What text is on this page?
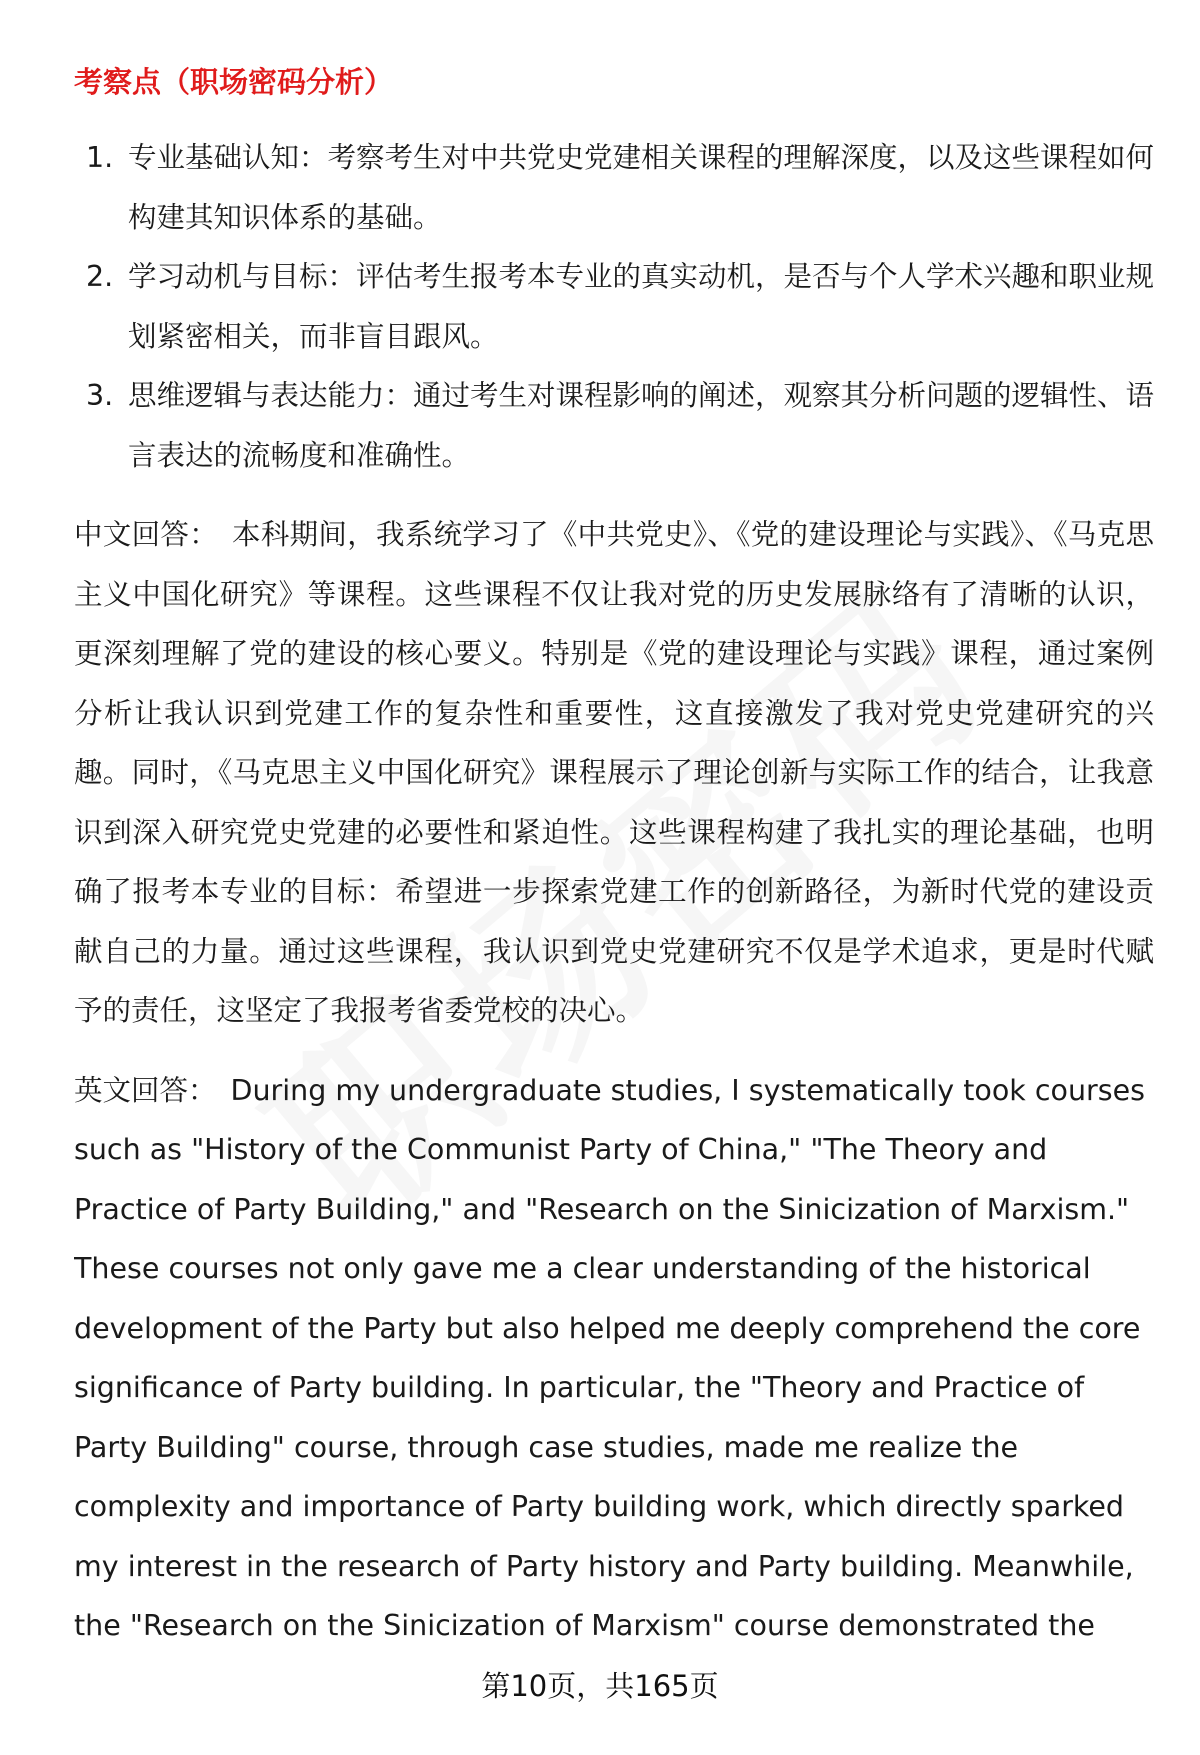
考察点（职场密码分析）
1. 专业基础认知：考察考生对中共党史党建相关课程的理解深度，以及这些课程如何构建其知识体系的基础。
2. 学习动机与目标：评估考生报考本专业的真实动机，是否与个人学术兴趣和职业规划紧密相关，而非盲目跟风。
3. 思维逻辑与表达能力：通过考生对课程影响的阐述，观察其分析问题的逻辑性、语言表达的流畅度和准确性。

中文回答： 本科期间，我系统学习了《中共党史》、《党的建设理论与实践》、《马克思主义中国化研究》等课程。这些课程不仅让我对党的历史发展脉络有了清晰的认识，更深刻理解了党的建设的核心要义。特别是《党的建设理论与实践》课程，通过案例分析让我认识到党建工作的复杂性和重要性，这直接激发了我对党史党建研究的兴趣。同时，《马克思主义中国化研究》课程展示了理论创新与实际工作的结合，让我意识到深入研究党史党建的必要性和紧迫性。这些课程构建了我扎实的理论基础，也明确了报考本专业的目标：希望进一步探索党建工作的创新路径，为新时代党的建设贡献自己的力量。通过这些课程，我认识到党史党建研究不仅是学术追求，更是时代赋予的责任，这坚定了我报考省委党校的决心。

英文回答： During my undergraduate studies, I systematically took courses such as "History of the Communist Party of China," "The Theory and Practice of Party Building," and "Research on the Sinicization of Marxism." These courses not only gave me a clear understanding of the historical development of the Party but also helped me deeply comprehend the core significance of Party building. In particular, the "Theory and Practice of Party Building" course, through case studies, made me realize the complexity and importance of Party building work, which directly sparked my interest in the research of Party history and Party building. Meanwhile, the "Research on the Sinicization of Marxism" course demonstrated the

第10页，共165页
